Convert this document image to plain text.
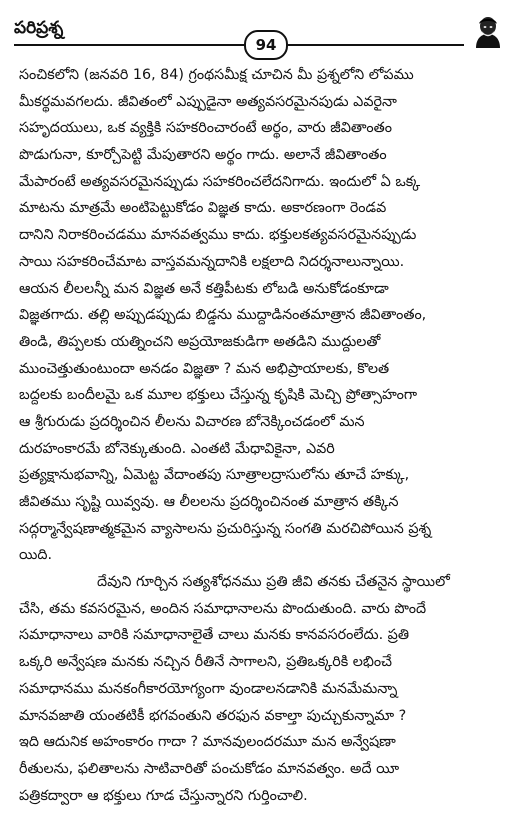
పరిప్రశ్న
94
సంచికలోని (జనవరి 16, 84) గ్రంథసమీక్ష చూచిన మీ ప్రశ్నలోని లోపము
మీకర్థమవగలదు. జీవితంలో ఎప్పుడైనా అత్యవసరమైనపుడు ఎవరైనా
సహృదయులు, ఒక వ్యక్తికి సహకరించారంటే అర్థం, వారు జీవితాంతం
పొడుగునా, కూర్చోపెట్టి మేపుతారని అర్థం గాదు. అలానే జీవితాంతం
మేపారంటే అత్యవసరమైనప్పుడు సహకరించలేదనిగాదు. ఇందులో ఏ ఒక్క
మాటను మాత్రమే అంటిపెట్టుకోడం విజ్ఞత కాదు. అకారణంగా రెండవ
దానిని నిరాకరించడము మానవత్వము కాదు. భక్తులకత్యవసరమైనప్పుడు
సాయి సహకరించేమాట వాస్తవమన్నదానికి లక్షలాది నిదర్శనాలున్నాయి.
ఆయన లీలలన్నీ మన విజ్ఞత అనే కత్తిపీటకు లోబడి అనుకోడంకూడా
విజ్ఞతగాదు. తల్లి అప్పుడప్పుడు బిడ్డను ముద్దాడినంతమాత్రాన జీవితాంతం,
తిండి, తిప్పలకు యత్నించని అప్రయోజకుడిగా అతడిని ముద్దులతో
ముంచెత్తుతుంటుందా అనడం విజ్ఞతా ? మన అభిప్రాయాలకు, కొలత
బద్దలకు బందీలమై ఒక మూల భక్తులు చేస్తున్న కృషికి మెచ్చి ప్రోత్సాహంగా
ఆ శ్రీగురుడు ప్రదర్శించిన లీలను విచారణ బోనెక్కించడంలో మన
దురహంకారమే బోనెక్కుతుంది. ఎంతటి మేధావికైనా, ఎవరి
ప్రత్యక్షానుభవాన్ని, ఏమెట్ట వేదాంతపు సూత్రాలద్రాసులోను తూచే హక్కు,
జీవితము సృష్టి యివ్వవు. ఆ లీలలను ప్రదర్శించినంత మాత్రాన తక్కిన
సద్గర్మాన్వేషణాత్మకమైన వ్యాసాలను ప్రచురిస్తున్న సంగతి మరచిపోయిన ప్రశ్న
యిది.
దేవుని గూర్చిన సత్యశోధనము ప్రతి జీవి తనకు చేతనైన స్థాయిలో
చేసి, తమ కవసరమైన, అందిన సమాధానాలను పొందుతుంది. వారు పొందే
సమాధానాలు వారికి సమాధానాలైతే చాలు మనకు కానవసరంలేదు. ప్రతి
ఒక్కరి అన్వేషణ మనకు నచ్చిన రీతినే సాగాలని, ప్రతిఒక్కరికి లభించే
సమాధానము మనకంగీకారయోగ్యంగా వుండాలనడానికి మనమేమన్నా
మానవజాతి యంతటికీ భగవంతుని తరఫున వకాల్తా పుచ్చుకున్నామా ?
ఇది ఆదునిక అహంకారం గాదా ? మానవులందరమూ మన అన్వేషణా
రీతులను, ఫలితాలను సాటివారితో పంచుకోడం మానవత్వం. అదే యీ
పత్రికద్వారా ఆ భక్తులు గూడ చేస్తున్నారని గుర్తించాలి.
